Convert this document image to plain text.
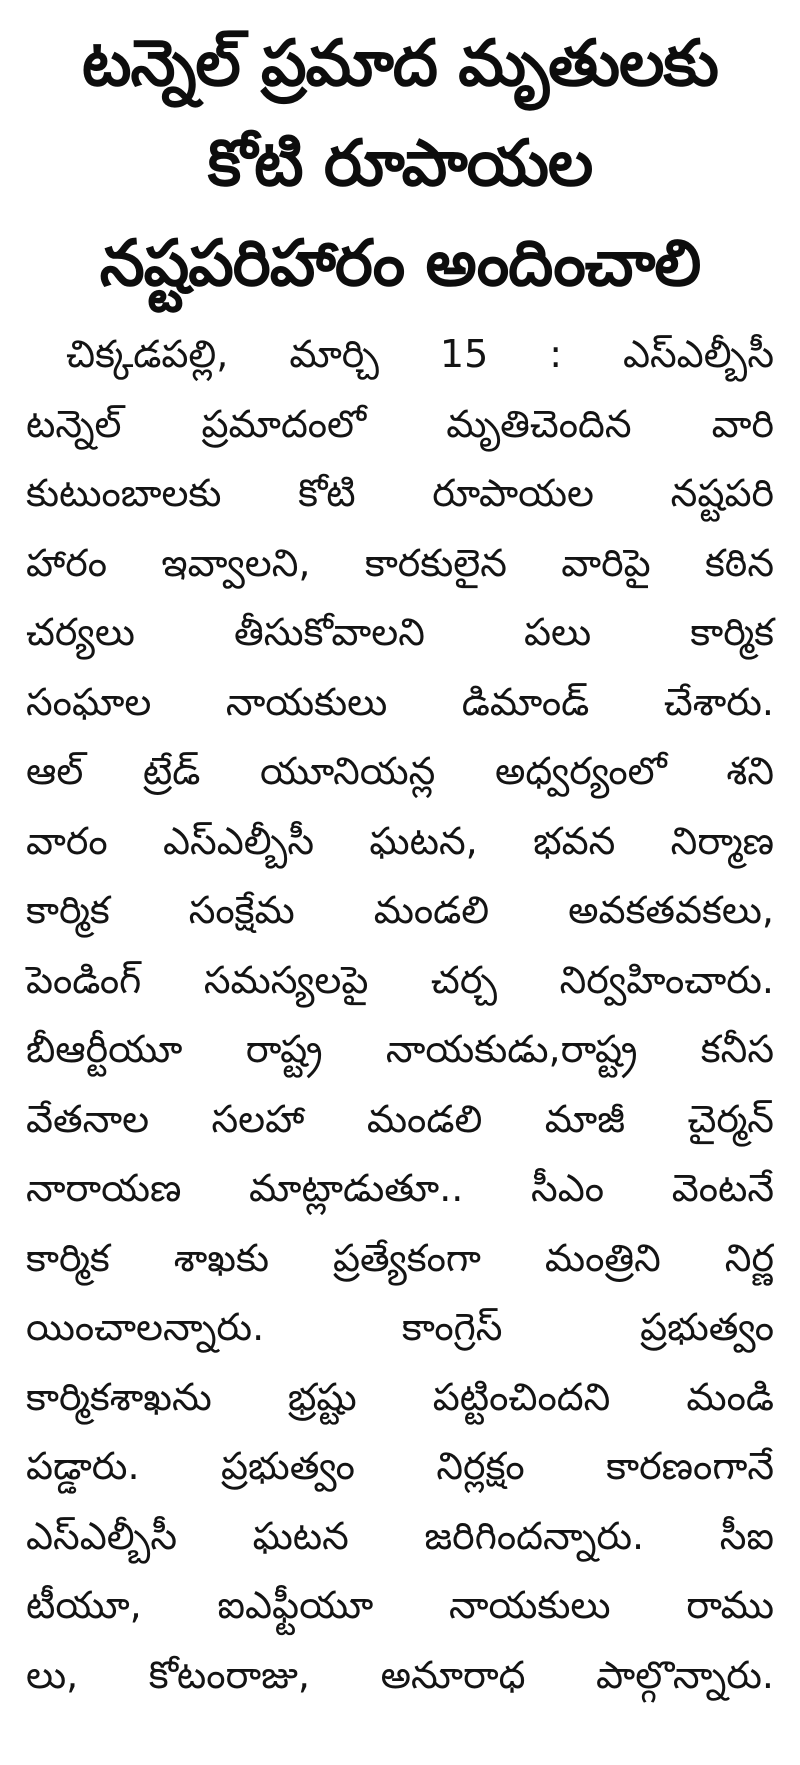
టన్నెల్ ప్రమాద మృతులకు
కోటి రూపాయల
నష్టపరిహారం అందించాలి
చిక్కడపల్లి, మార్చి 15 : ఎస్ఎల్బీసీ
టన్నెల్ ప్రమాదంలో మృతిచెందిన వారి
కుటుంబాలకు కోటి రూపాయల నష్టపరి
హారం ఇవ్వాలని, కారకులైన వారిపై కఠిన
చర్యలు తీసుకోవాలని పలు కార్మిక
సంఘాల నాయకులు డిమాండ్ చేశారు.
ఆల్ ట్రేడ్ యూనియన్ల అధ్వర్యంలో శని
వారం ఎస్ఎల్బీసీ ఘటన, భవన నిర్మాణ
కార్మిక సంక్షేమ మండలి అవకతవకలు,
పెండింగ్ సమస్యలపై చర్చ నిర్వహించారు.
బీఆర్టీయూ రాష్ట్ర నాయకుడు,రాష్ట్ర కనీస
వేతనాల సలహా మండలి మాజీ చైర్మన్
నారాయణ మాట్లాడుతూ.. సీఎం వెంటనే
కార్మిక శాఖకు ప్రత్యేకంగా మంత్రిని నిర్ణ
యించాలన్నారు. కాంగ్రెస్ ప్రభుత్వం
కార్మికశాఖను భ్రష్టు పట్టించిందని మండి
పడ్డారు. ప్రభుత్వం నిర్లక్షం కారణంగానే
ఎస్ఎల్బీసీ ఘటన జరిగిందన్నారు. సీఐ
టీయూ, ఐఎఫ్టీయూ నాయకులు రాము
లు, కోటంరాజు, అనూరాధ పాల్గొన్నారు.
